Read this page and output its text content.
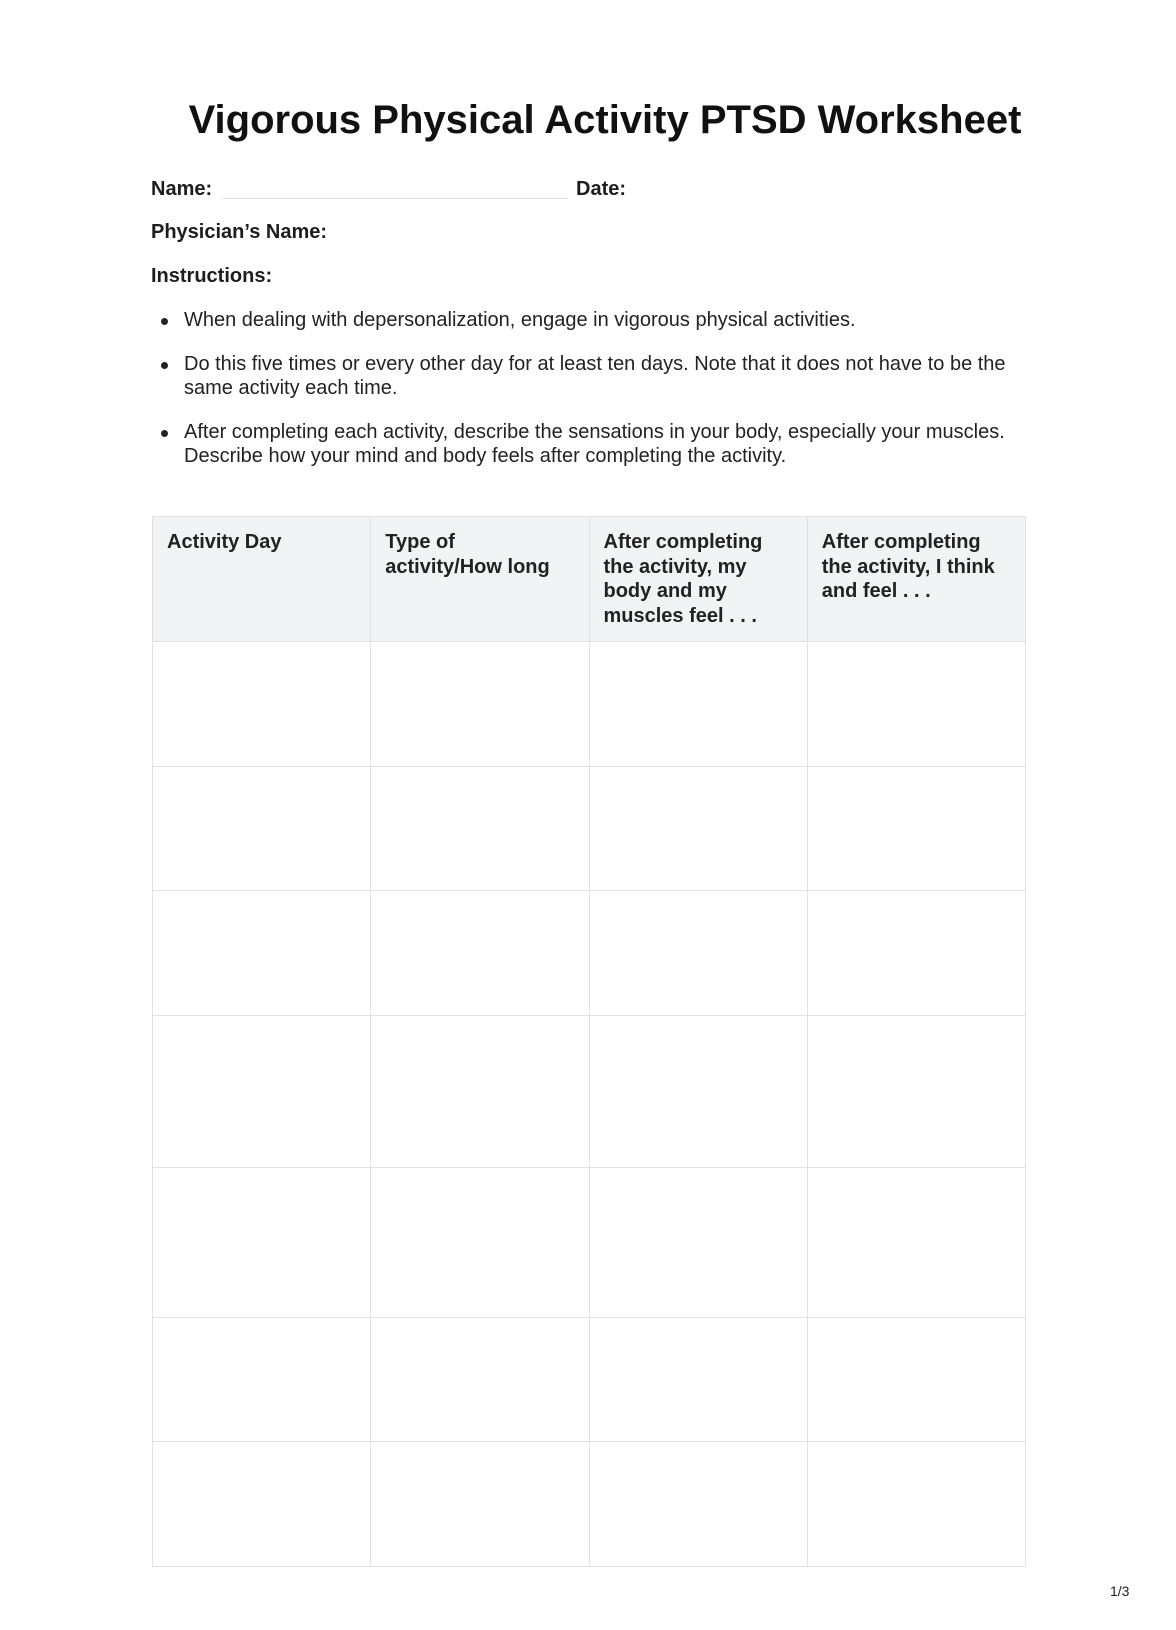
Vigorous Physical Activity PTSD Worksheet
Name:	Date:
Physician’s Name:
Instructions:
When dealing with depersonalization, engage in vigorous physical activities.
Do this five times or every other day for at least ten days. Note that it does not have to be the same activity each time.
After completing each activity, describe the sensations in your body, especially your muscles. Describe how your mind and body feels after completing the activity.
Activity Day	Type of activity/How long	After completing the activity, my body and my muscles feel . . .	After completing the activity, I think and feel . . .

1/3
